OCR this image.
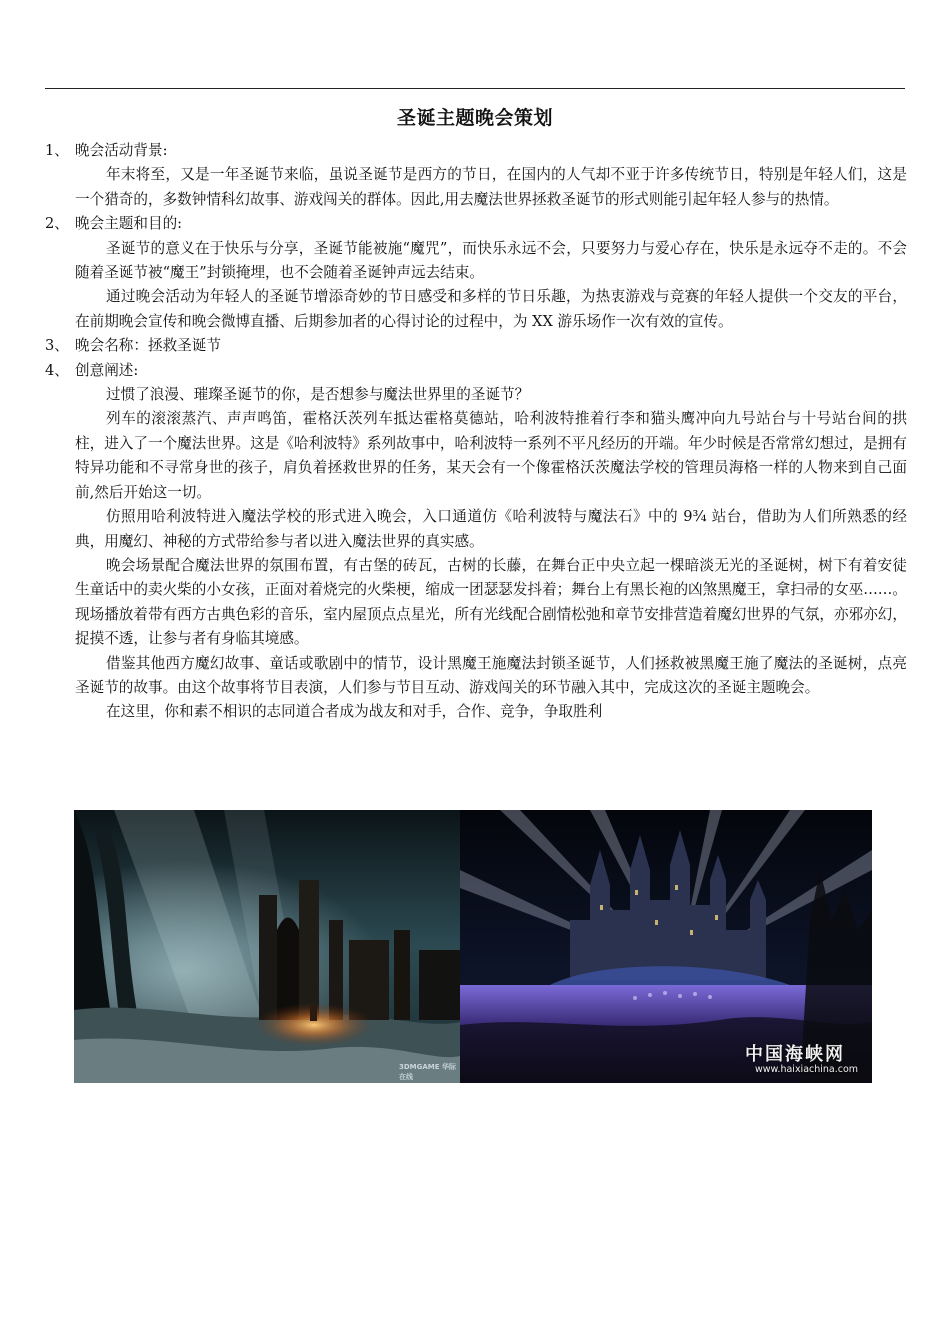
圣诞主题晚会策划
1、 晚会活动背景:

年末将至，又是一年圣诞节来临，虽说圣诞节是西方的节日，在国内的人气却不亚于许多传统节日，特别是年轻人们，这是一个猎奇的，多数钟情科幻故事、游戏闯关的群体。因此,用去魔法世界拯救圣诞节的形式则能引起年轻人参与的热情。

2、 晚会主题和目的:

圣诞节的意义在于快乐与分享，圣诞节能被施“魔咒”，而快乐永远不会，只要努力与爱心存在，快乐是永远夺不走的。不会随着圣诞节被“魔王”封锁掩埋，也不会随着圣诞钟声远去结束。

通过晚会活动为年轻人的圣诞节增添奇妙的节日感受和多样的节日乐趣，为热衷游戏与竞赛的年轻人提供一个交友的平台，在前期晚会宣传和晚会微博直播、后期参加者的心得讨论的过程中，为 XX 游乐场作一次有效的宣传。

3、 晚会名称：拯救圣诞节
4、 创意阐述:

过惯了浪漫、璀璨圣诞节的你，是否想参与魔法世界里的圣诞节？

列车的滚滚蒸汽、声声鸣笛，霍格沃茨列车抵达霍格莫德站，哈利波特推着行李和猫头鹰冲向九号站台与十号站台间的拱柱，进入了一个魔法世界。这是《哈利波特》系列故事中，哈利波特一系列不平凡经历的开端。年少时候是否常常幻想过，是拥有特异功能和不寻常身世的孩子，肩负着拯救世界的任务，某天会有一个像霍格沃茨魔法学校的管理员海格一样的人物来到自己面前,然后开始这一切。

仿照用哈利波特进入魔法学校的形式进入晚会，入口通道仿《哈利波特与魔法石》中的 9¾ 站台，借助为人们所熟悉的经典，用魔幻、神秘的方式带给参与者以进入魔法世界的真实感。

晚会场景配合魔法世界的氛围布置，有古堡的砖瓦，古树的长藤，在舞台正中央立起一棵暗淡无光的圣诞树，树下有着安徒生童话中的卖火柴的小女孩，正面对着烧完的火柴梗，缩成一团瑟瑟发抖着；舞台上有黑长袍的凶煞黑魔王，拿扫帚的女巫……。现场播放着带有西方古典色彩的音乐，室内屋顶点点星光，所有光线配合剧情松弛和章节安排营造着魔幻世界的气氛，亦邪亦幻，捉摸不透，让参与者有身临其境感。

借鉴其他西方魔幻故事、童话或歌剧中的情节，设计黑魔王施魔法封锁圣诞节，人们拯救被黑魔王施了魔法的圣诞树，点亮圣诞节的故事。由这个故事将节目表演，人们参与节目互动、游戏闯关的环节融入其中，完成这次的圣诞主题晚会。

在这里，你和素不相识的志同道合者成为战友和对手，合作、竞争，争取胜利

3DMGAME 华际在线
中国海峡网
www.haixiachina.com
